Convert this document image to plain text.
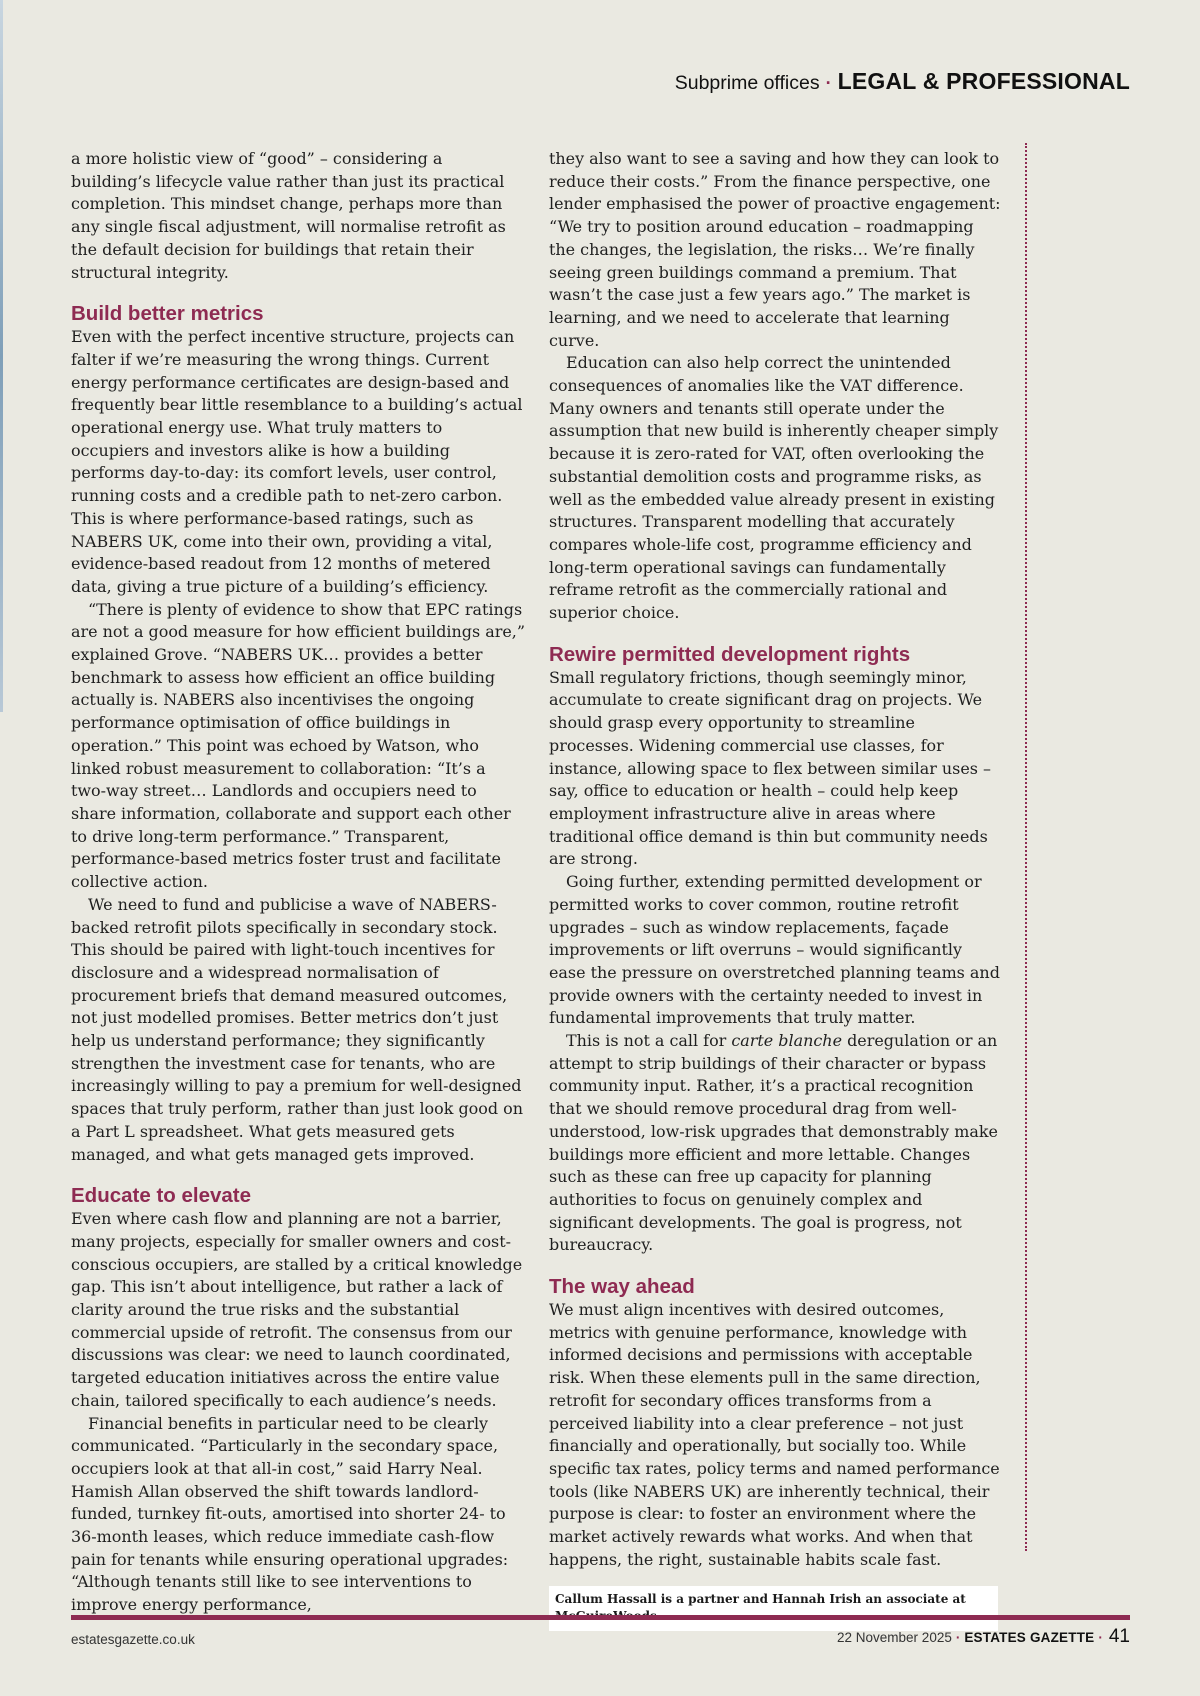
Subprime offices · LEGAL & PROFESSIONAL

a more holistic view of “good” – considering a building’s lifecycle value rather than just its practical completion. This mindset change, perhaps more than any single fiscal adjustment, will normalise retrofit as the default decision for buildings that retain their structural integrity.

Build better metrics

Even with the perfect incentive structure, projects can falter if we’re measuring the wrong things. Current energy performance certificates are design-based and frequently bear little resemblance to a building’s actual operational energy use. What truly matters to occupiers and investors alike is how a building performs day-to-day: its comfort levels, user control, running costs and a credible path to net-zero carbon. This is where performance-based ratings, such as NABERS UK, come into their own, providing a vital, evidence-based readout from 12 months of metered data, giving a true picture of a building’s efficiency.

“There is plenty of evidence to show that EPC ratings are not a good measure for how efficient buildings are,” explained Grove. “NABERS UK… provides a better benchmark to assess how efficient an office building actually is. NABERS also incentivises the ongoing performance optimisation of office buildings in operation.” This point was echoed by Watson, who linked robust measurement to collaboration: “It’s a two-way street… Landlords and occupiers need to share information, collaborate and support each other to drive long-term performance.” Transparent, performance-based metrics foster trust and facilitate collective action.

We need to fund and publicise a wave of NABERS-backed retrofit pilots specifically in secondary stock. This should be paired with light-touch incentives for disclosure and a widespread normalisation of procurement briefs that demand measured outcomes, not just modelled promises. Better metrics don’t just help us understand performance; they significantly strengthen the investment case for tenants, who are increasingly willing to pay a premium for well-designed spaces that truly perform, rather than just look good on a Part L spreadsheet. What gets measured gets managed, and what gets managed gets improved.

Educate to elevate

Even where cash flow and planning are not a barrier, many projects, especially for smaller owners and cost-conscious occupiers, are stalled by a critical knowledge gap. This isn’t about intelligence, but rather a lack of clarity around the true risks and the substantial commercial upside of retrofit. The consensus from our discussions was clear: we need to launch coordinated, targeted education initiatives across the entire value chain, tailored specifically to each audience’s needs.

Financial benefits in particular need to be clearly communicated. “Particularly in the secondary space, occupiers look at that all-in cost,” said Harry Neal. Hamish Allan observed the shift towards landlord-funded, turnkey fit-outs, amortised into shorter 24- to 36-month leases, which reduce immediate cash-flow pain for tenants while ensuring operational upgrades: “Although tenants still like to see interventions to improve energy performance,

they also want to see a saving and how they can look to reduce their costs.” From the finance perspective, one lender emphasised the power of proactive engagement: “We try to position around education – roadmapping the changes, the legislation, the risks… We’re finally seeing green buildings command a premium. That wasn’t the case just a few years ago.” The market is learning, and we need to accelerate that learning curve.

Education can also help correct the unintended consequences of anomalies like the VAT difference. Many owners and tenants still operate under the assumption that new build is inherently cheaper simply because it is zero-rated for VAT, often overlooking the substantial demolition costs and programme risks, as well as the embedded value already present in existing structures. Transparent modelling that accurately compares whole-life cost, programme efficiency and long-term operational savings can fundamentally reframe retrofit as the commercially rational and superior choice.

Rewire permitted development rights

Small regulatory frictions, though seemingly minor, accumulate to create significant drag on projects. We should grasp every opportunity to streamline processes. Widening commercial use classes, for instance, allowing space to flex between similar uses – say, office to education or health – could help keep employment infrastructure alive in areas where traditional office demand is thin but community needs are strong.

Going further, extending permitted development or permitted works to cover common, routine retrofit upgrades – such as window replacements, façade improvements or lift overruns – would significantly ease the pressure on overstretched planning teams and provide owners with the certainty needed to invest in fundamental improvements that truly matter.

This is not a call for carte blanche deregulation or an attempt to strip buildings of their character or bypass community input. Rather, it’s a practical recognition that we should remove procedural drag from well-understood, low-risk upgrades that demonstrably make buildings more efficient and more lettable. Changes such as these can free up capacity for planning authorities to focus on genuinely complex and significant developments. The goal is progress, not bureaucracy.

The way ahead

We must align incentives with desired outcomes, metrics with genuine performance, knowledge with informed decisions and permissions with acceptable risk. When these elements pull in the same direction, retrofit for secondary offices transforms from a perceived liability into a clear preference – not just financially and operationally, but socially too. While specific tax rates, policy terms and named performance tools (like NABERS UK) are inherently technical, their purpose is clear: to foster an environment where the market actively rewards what works. And when that happens, the right, sustainable habits scale fast.

Callum Hassall is a partner and Hannah Irish an associate at
estatesgazette.co.uk	22 November 2025 · ESTATES GAZETTE · 41
